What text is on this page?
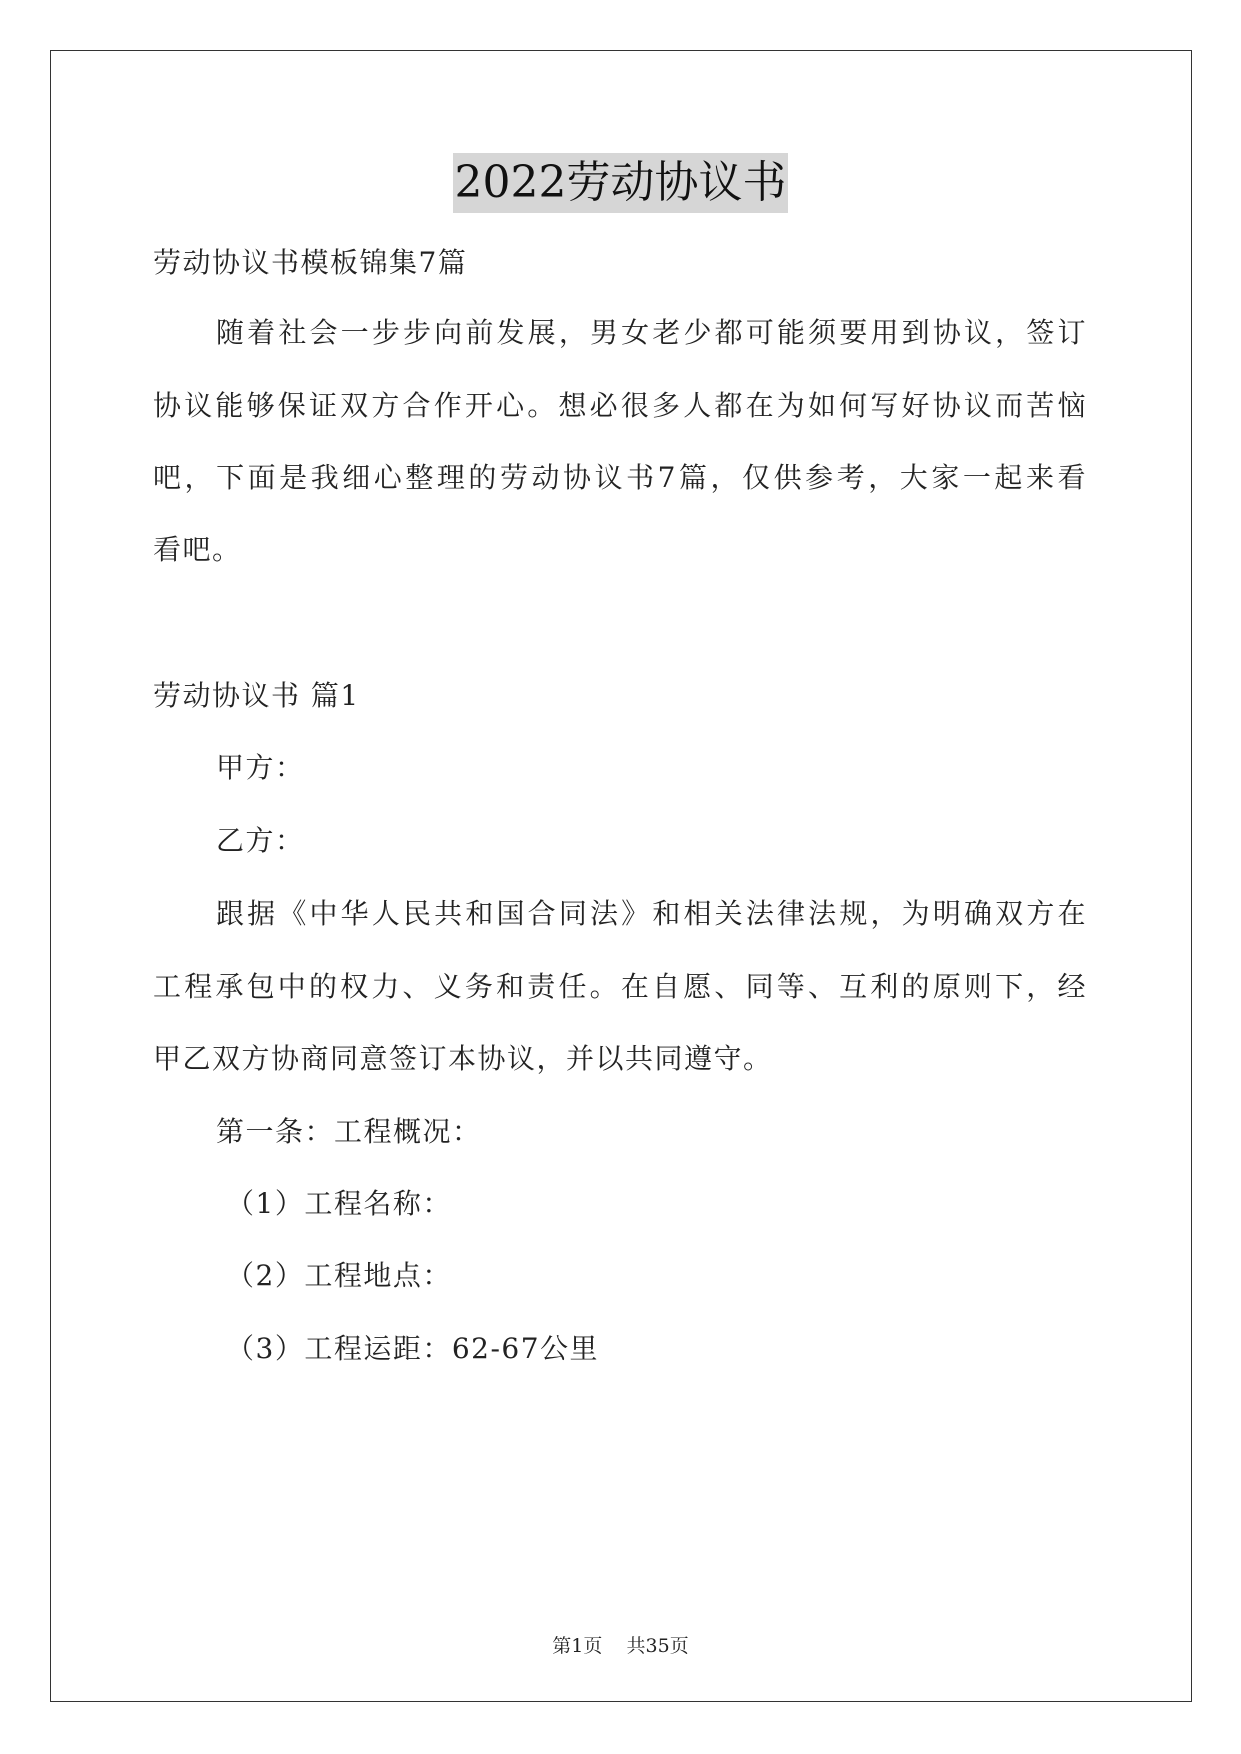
2022劳动协议书
劳动协议书模板锦集7篇
随着社会一步步向前发展，男女老少都可能须要用到协议，签订
协议能够保证双方合作开心。想必很多人都在为如何写好协议而苦恼
吧，下面是我细心整理的劳动协议书7篇，仅供参考，大家一起来看
看吧。
劳动协议书 篇1
甲方：
乙方：
跟据《中华人民共和国合同法》和相关法律法规，为明确双方在
工程承包中的权力、义务和责任。在自愿、同等、互利的原则下，经
甲乙双方协商同意签订本协议，并以共同遵守。
第一条：工程概况：
（1）工程名称：
（2）工程地点：
（3）工程运距：62-67公里
第1页    共35页
